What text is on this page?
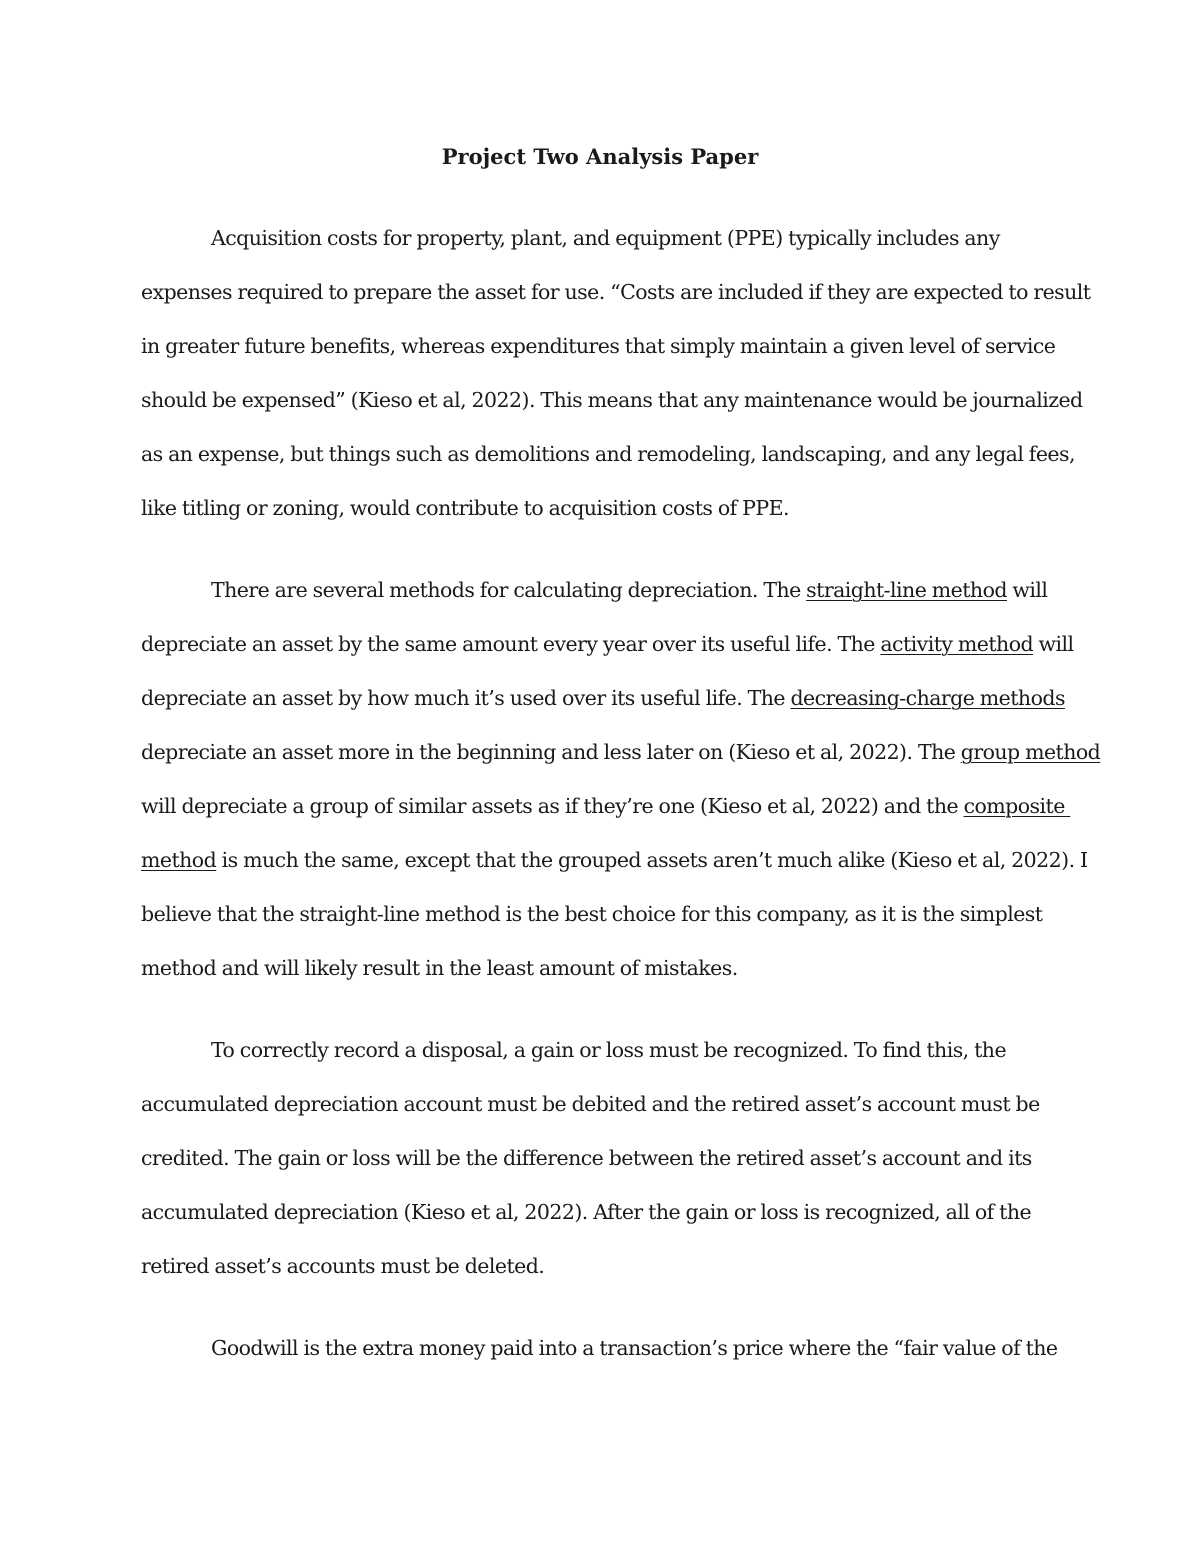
Project Two Analysis Paper
Acquisition costs for property, plant, and equipment (PPE) typically includes any
expenses required to prepare the asset for use. “Costs are included if they are expected to result
in greater future benefits, whereas expenditures that simply maintain a given level of service
should be expensed” (Kieso et al, 2022). This means that any maintenance would be journalized
as an expense, but things such as demolitions and remodeling, landscaping, and any legal fees,
like titling or zoning, would contribute to acquisition costs of PPE.
There are several methods for calculating depreciation. The straight-line method will
depreciate an asset by the same amount every year over its useful life. The activity method will
depreciate an asset by how much it’s used over its useful life. The decreasing-charge methods
depreciate an asset more in the beginning and less later on (Kieso et al, 2022). The group method
will depreciate a group of similar assets as if they’re one (Kieso et al, 2022) and the composite
method is much the same, except that the grouped assets aren’t much alike (Kieso et al, 2022). I
believe that the straight-line method is the best choice for this company, as it is the simplest
method and will likely result in the least amount of mistakes.
To correctly record a disposal, a gain or loss must be recognized. To find this, the
accumulated depreciation account must be debited and the retired asset’s account must be
credited. The gain or loss will be the difference between the retired asset’s account and its
accumulated depreciation (Kieso et al, 2022). After the gain or loss is recognized, all of the
retired asset’s accounts must be deleted.
Goodwill is the extra money paid into a transaction’s price where the “fair value of the
